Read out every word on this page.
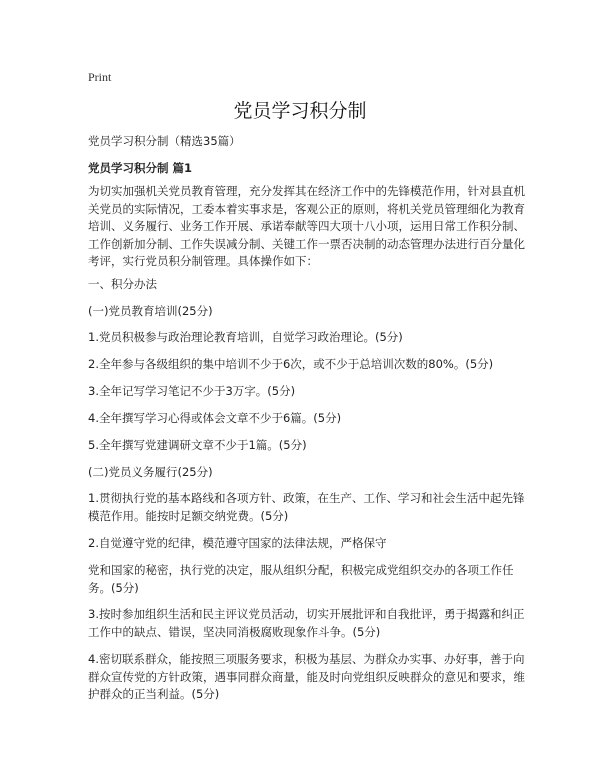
Print
党员学习积分制
党员学习积分制（精选35篇）
党员学习积分制 篇1

为切实加强机关党员教育管理，充分发挥其在经济工作中的先锋模范作用，针对县直机关党员的实际情况，工委本着实事求是，客观公正的原则，将机关党员管理细化为教育培训、义务履行、业务工作开展、承诺奉献等四大项十八小项，运用日常工作积分制、工作创新加分制、工作失误减分制、关键工作一票否决制的动态管理办法进行百分量化考评，实行党员积分制管理。具体操作如下：

一、积分办法

(一)党员教育培训(25分)

1.党员积极参与政治理论教育培训，自觉学习政治理论。(5分)

2.全年参与各级组织的集中培训不少于6次，或不少于总培训次数的80%。(5分)

3.全年记写学习笔记不少于3万字。(5分)

4.全年撰写学习心得或体会文章不少于6篇。(5分)

5.全年撰写党建调研文章不少于1篇。(5分)

(二)党员义务履行(25分)

1.贯彻执行党的基本路线和各项方针、政策，在生产、工作、学习和社会生活中起先锋模范作用。能按时足额交纳党费。(5分)

2.自觉遵守党的纪律，模范遵守国家的法律法规，严格保守

党和国家的秘密，执行党的决定，服从组织分配，积极完成党组织交办的各项工作任务。(5分)

3.按时参加组织生活和民主评议党员活动，切实开展批评和自我批评，勇于揭露和纠正工作中的缺点、错误，坚决同消极腐败现象作斗争。(5分)

4.密切联系群众，能按照三项服务要求，积极为基层、为群众办实事、办好事，善于向群众宣传党的方针政策，遇事同群众商量，能及时向党组织反映群众的意见和要求，维护群众的正当利益。(5分)
